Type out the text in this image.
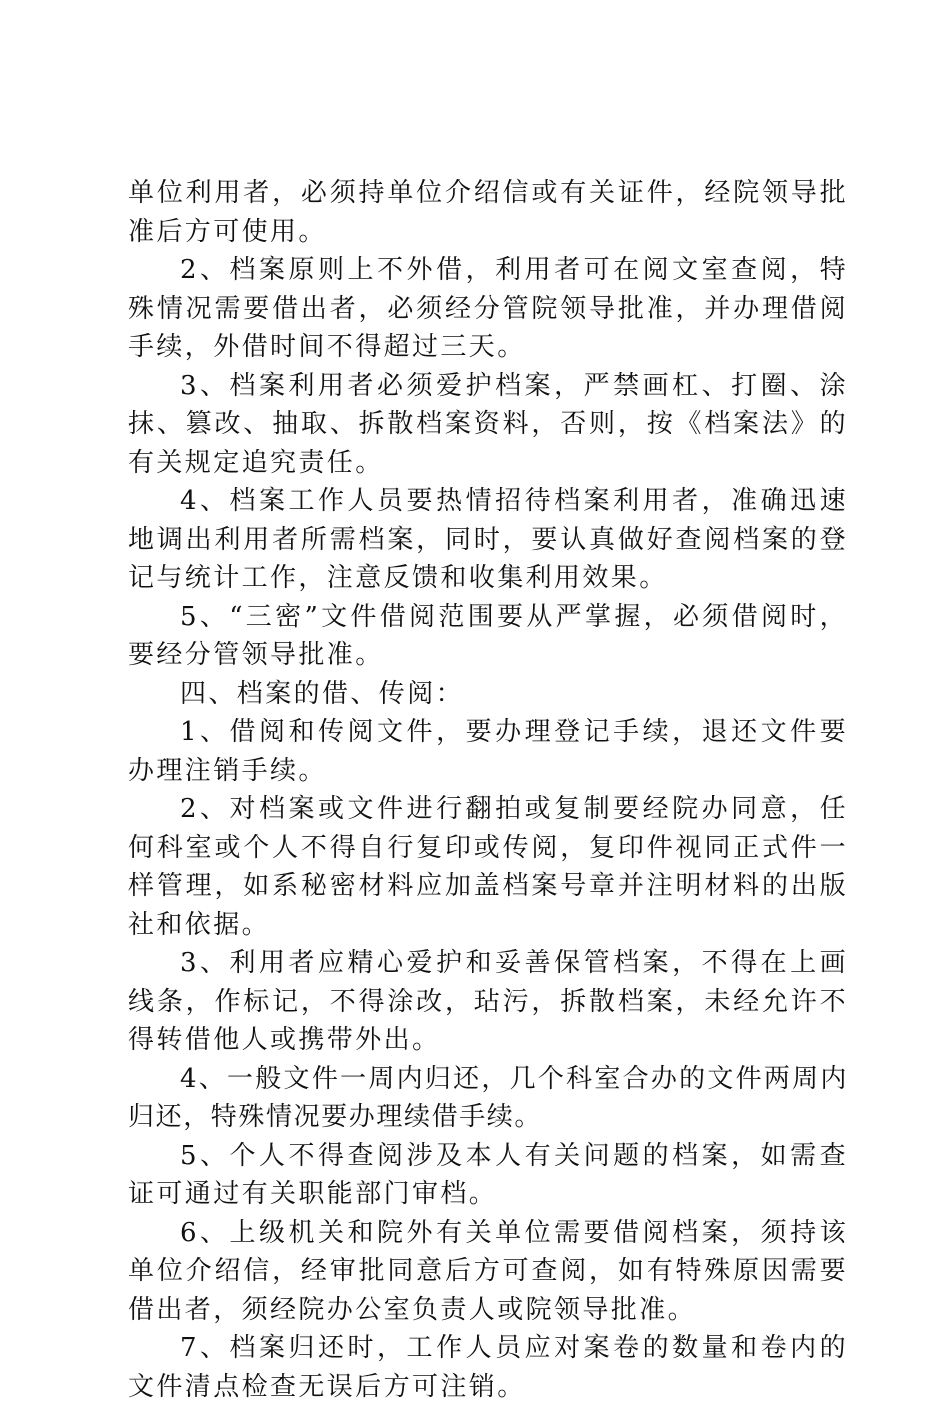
单位利用者，必须持单位介绍信或有关证件，经院领导批准后方可使用。

2、档案原则上不外借，利用者可在阅文室查阅，特殊情况需要借出者，必须经分管院领导批准，并办理借阅手续，外借时间不得超过三天。

3、档案利用者必须爱护档案，严禁画杠、打圈、涂抹、篡改、抽取、拆散档案资料，否则，按《档案法》的有关规定追究责任。

4、档案工作人员要热情招待档案利用者，准确迅速地调出利用者所需档案，同时，要认真做好查阅档案的登记与统计工作，注意反馈和收集利用效果。

5、“三密”文件借阅范围要从严掌握，必须借阅时，要经分管领导批准。

四、档案的借、传阅：

1、借阅和传阅文件，要办理登记手续，退还文件要办理注销手续。

2、对档案或文件进行翻拍或复制要经院办同意，任何科室或个人不得自行复印或传阅，复印件视同正式件一样管理，如系秘密材料应加盖档案号章并注明材料的出版社和依据。

3、利用者应精心爱护和妥善保管档案，不得在上画线条，作标记，不得涂改，玷污，拆散档案，未经允许不得转借他人或携带外出。

4、一般文件一周内归还，几个科室合办的文件两周内归还，特殊情况要办理续借手续。

5、个人不得查阅涉及本人有关问题的档案，如需查证可通过有关职能部门审档。

6、上级机关和院外有关单位需要借阅档案，须持该单位介绍信，经审批同意后方可查阅，如有特殊原因需要借出者，须经院办公室负责人或院领导批准。

7、档案归还时，工作人员应对案卷的数量和卷内的文件清点检查无误后方可注销。
